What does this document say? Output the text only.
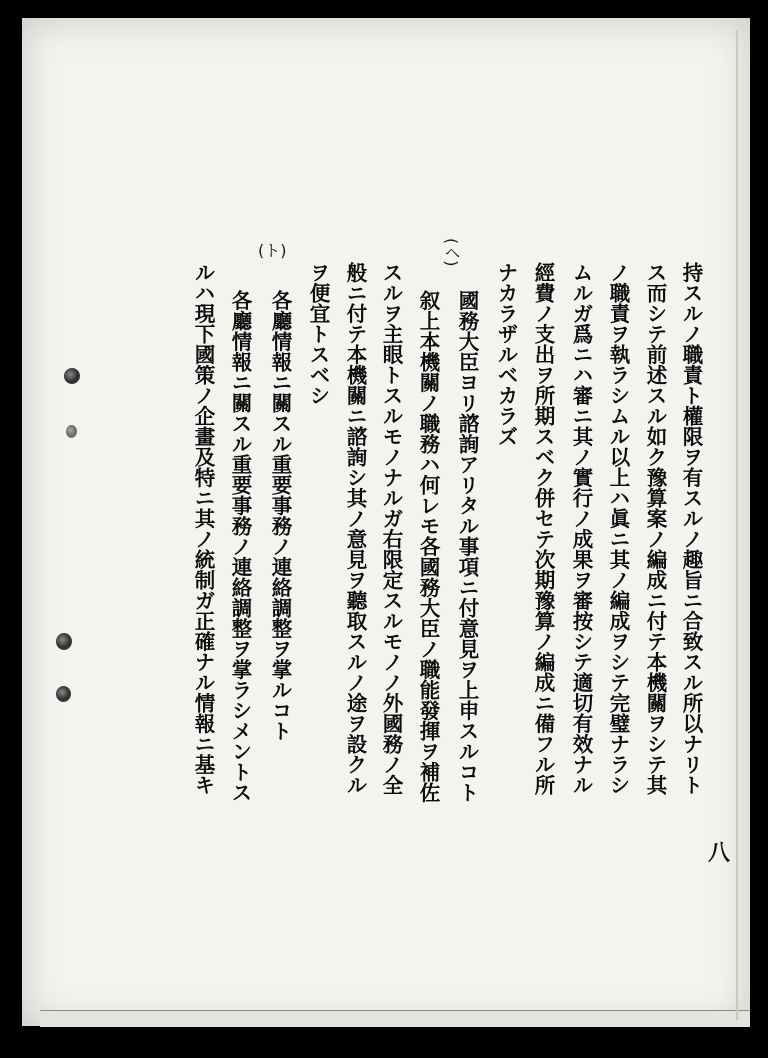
八
(ヘ)
(ト)
持スルノ職責ト權限ヲ有スルノ趣旨ニ合致スル所以ナリト
ス而シテ前述スル如ク豫算案ノ編成ニ付テ本機關ヲシテ其
ノ職責ヲ執ラシムル以上ハ眞ニ其ノ編成ヲシテ完璧ナラシ
ムルガ爲ニハ審ニ其ノ實行ノ成果ヲ審按シテ適切有效ナル
經費ノ支出ヲ所期スベク併セテ次期豫算ノ編成ニ備フル所
ナカラザルベカラズ
國務大臣ヨリ諮詢アリタル事項ニ付意見ヲ上申スルコト
叙上本機關ノ職務ハ何レモ各國務大臣ノ職能發揮ヲ補佐
スルヲ主眼トスルモノナルガ右限定スルモノノ外國務ノ全
般ニ付テ本機關ニ諮詢シ其ノ意見ヲ聽取スルノ途ヲ設クル
ヲ便宜トスベシ
各廳情報ニ關スル重要事務ノ連絡調整ヲ掌ルコト
各廳情報ニ關スル重要事務ノ連絡調整ヲ掌ラシメントス
ルハ現下國策ノ企畫及特ニ其ノ統制ガ正確ナル情報ニ基キ
